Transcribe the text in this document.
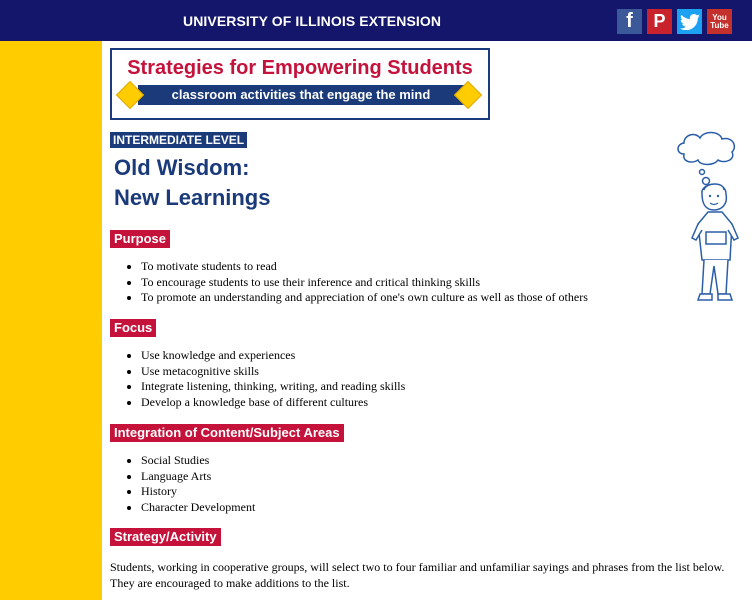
UNIVERSITY OF ILLINOIS EXTENSION	f	P	You
Tube
Strategies for Empowering Students
classroom activities that engage the mind
INTERMEDIATE LEVEL
Old Wisdom:
New Learnings
Purpose
• To motivate students to read
• To encourage students to use their inference and critical thinking skills
• To promote an understanding and appreciation of one's own culture as well as those of others
Focus
• Use knowledge and experiences
• Use metacognitive skills
• Integrate listening, thinking, writing, and reading skills
• Develop a knowledge base of different cultures
Integration of Content/Subject Areas
• Social Studies
• Language Arts
• History
• Character Development
Strategy/Activity

Students, working in cooperative groups, will select two to four familiar and unfamiliar sayings and phrases from the list below. They are encouraged to make additions to the list.
